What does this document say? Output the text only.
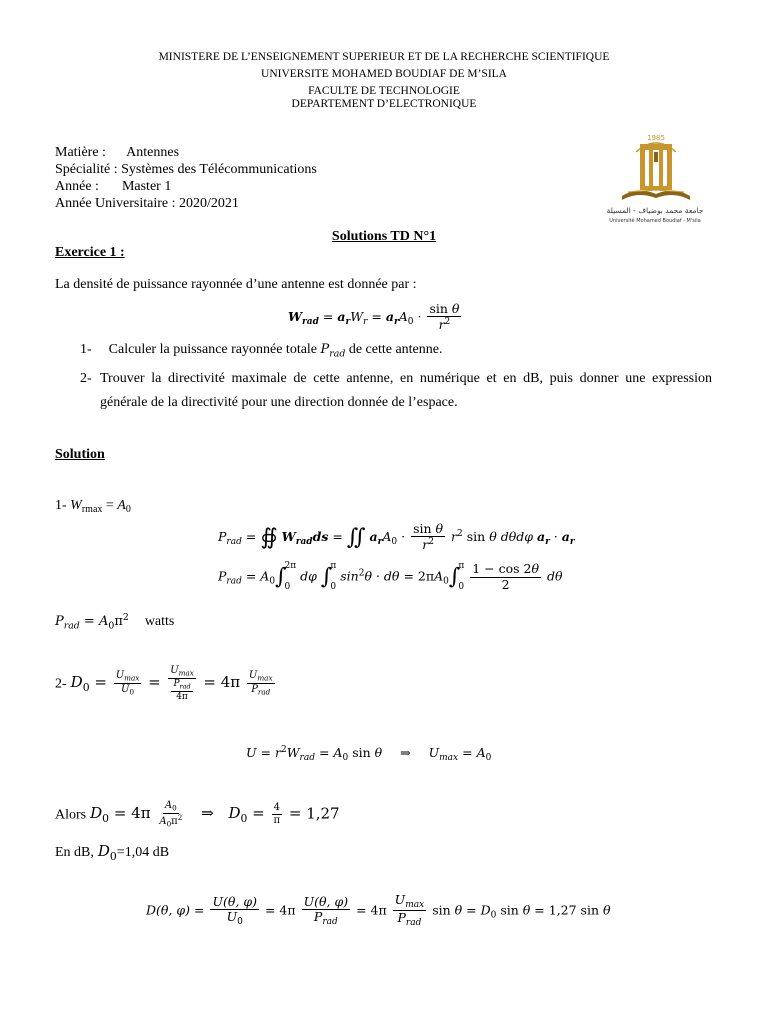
MINISTERE DE L’ENSEIGNEMENT SUPERIEUR ET DE LA RECHERCHE SCIENTIFIQUE
UNIVERSITE MOHAMED BOUDIAF DE M’SILA
FACULTE DE TECHNOLOGIE
DEPARTEMENT D’ELECTRONIQUE
Matière : Antennes
Spécialité : Systèmes des Télécommunications
Année : Master 1
Année Universitaire : 2020/2021
1985
جامعة محمد بوضياف - المسيلة
Université Mohamed Boudiaf - M'sila
Solutions TD N°1
Exercice 1 :
La densité de puissance rayonnée d’une antenne est donnée par :
$W_{rad} = a_rW_r = a_rA_0 \cdot \frac{\text{sin θ}}{r^2}$
1- Calculer la puissance rayonnée totale $P_{rad}$ de cette antenne.
2- Trouver la directivité maximale de cette antenne, en numérique et en dB, puis donner une expression générale de la directivité pour une direction donnée de l’espace.
Solution
1- $W_{rmax} = A_0$
$P_{rad}$ = ∯ $W_{rad}ds$ = ∬ $a_rA_0 \cdot \frac{\text{sin θ}}{r^2} r^2$ sin θ dθdφ $a_r \cdot a_r$
$P_{rad} = A_0\int$
2π
0
dφ ∫
π
0
$\sin^2\theta \cdot d\theta = 2\pi A_0\int$
π
0
$\frac{1 - \cos 2\theta}{2}$ dθ
$P_{rad} = A_0\pi^2$ watts
2- $D_0 = \frac{U_{max}}{U_0} = \frac{U_{max}}{\frac{P_{rad}}{4\pi}} = 4\pi \frac{U_{max}}{P_{rad}}$
$U = r^2W_{rad} = A_0$ sin θ ⇒ $U_{max} = A_0$
Alors $D_0 = 4\pi \frac{A_0}{A_0\pi^2}$ ⇒ $D_0 = \frac{4}{\pi} = 1,27$
En dB, $D_0=1,04$ dB
D(θ, $\varphi) = \frac{U(\theta, \varphi)}{U_0} = 4\pi \frac{U(\theta, \varphi)}{P_{rad}} = 4\pi \frac{U_{max}}{P_{rad}}$ $\sin \theta = D_0$ sin θ = 1,27 sin θ
